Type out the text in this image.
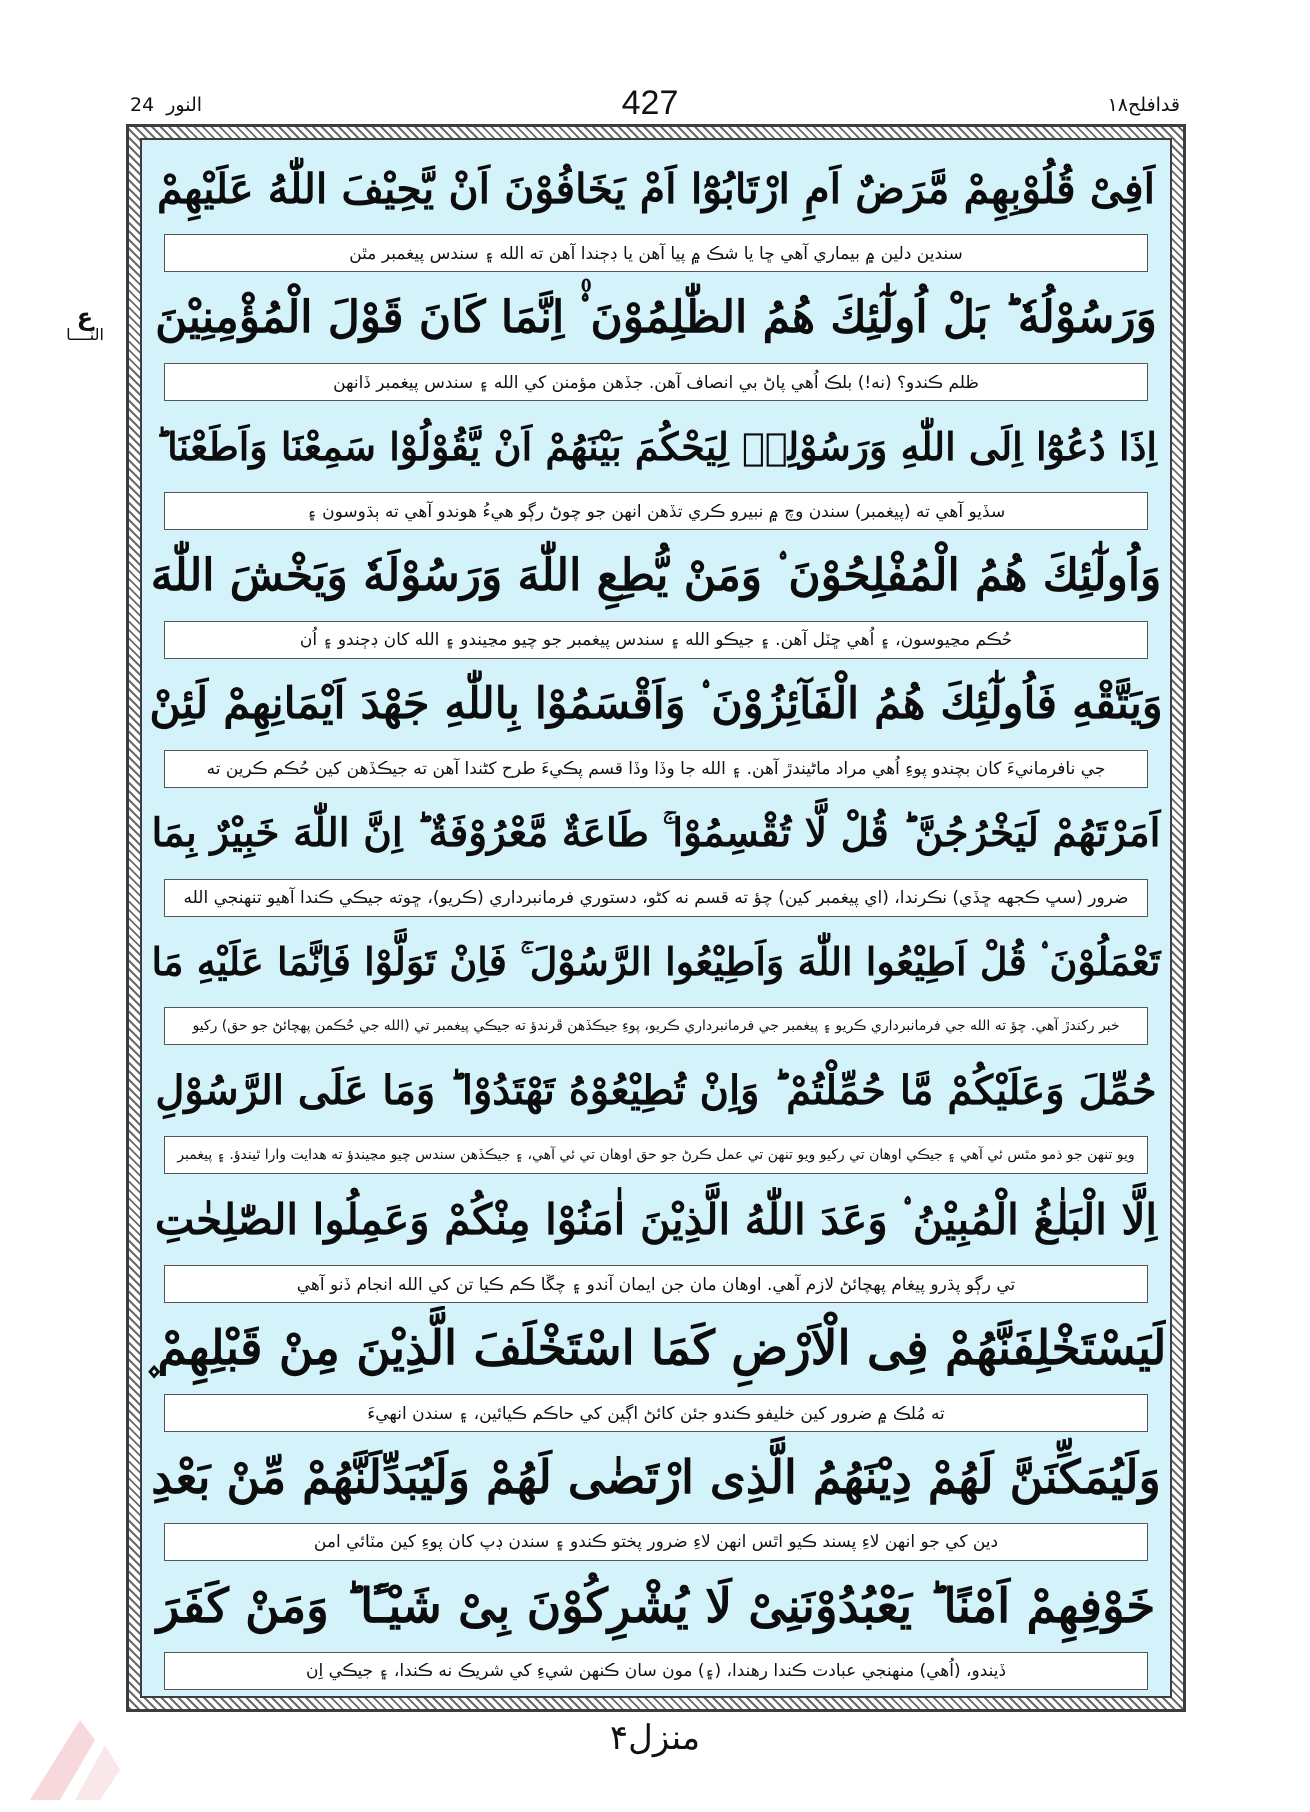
النور 24	427	قدافلح١٨
ع
النّــــا
اَفِیْ قُلُوْبِهِمْ مَّرَضٌ اَمِ ارْتَابُوْٓا اَمْ یَخَافُوْنَ اَنْ یَّحِیْفَ اللّٰهُ عَلَیْهِمْ
سندين دلين ۾ بيماري آهي ڇا يا شڪ ۾ پيا آهن يا ڊڄندا آهن ته الله ۽ سندس پيغمبر مٿن
وَرَسُوْلُهٗ ؕ بَلْ اُولٰٓئِكَ هُمُ الظّٰلِمُوْنَ ۟۠ اِنَّمَا كَانَ قَوْلَ الْمُؤْمِنِیْنَ
ظلم ڪندو؟ (نه!) بلڪ اُهي پاڻ بي انصاف آهن. جڏهن مؤمنن کي الله ۽ سندس پيغمبر ڏانهن
اِذَا دُعُوْٓا اِلَی اللّٰهِ وَرَسُوْلِهٖ لِیَحْكُمَ بَیْنَهُمْ اَنْ یَّقُوْلُوْا سَمِعْنَا وَاَطَعْنَا ؕ
سڏيو آهي ته (پيغمبر) سندن وچ ۾ نبيرو ڪري تڏهن انهن جو چوڻ رڳو هيءُ هوندو آهي ته ٻڌوسون ۽
وَاُولٰٓئِكَ هُمُ الْمُفْلِحُوْنَ ۟ وَمَنْ یُّطِعِ اللّٰهَ وَرَسُوْلَهٗ وَیَخْشَ اللّٰهَ
حُڪم مڃيوسون، ۽ اُهي ڇٽل آهن. ۽ جيڪو الله ۽ سندس پيغمبر جو چيو مڃيندو ۽ الله کان ڊڄندو ۽ اُن
وَیَتَّقْهِ فَاُولٰٓئِكَ هُمُ الْفَآئِزُوْنَ ۟ وَاَقْسَمُوْا بِاللّٰهِ جَهْدَ اَیْمَانِهِمْ لَئِنْ
جي نافرمانيءَ کان بچندو پوءِ اُهي مراد ماڻيندڙ آهن. ۽ الله جا وڏا وڏا قسم پڪيءَ طرح کڻندا آهن ته جيڪڏهن کين حُڪم ڪرين ته
اَمَرْتَهُمْ لَیَخْرُجُنَّ ؕ قُلْ لَّا تُقْسِمُوْا ۚ طَاعَةٌ مَّعْرُوْفَةٌ ؕ اِنَّ اللّٰهَ خَبِیْرٌ بِمَا
ضرور (سڀ ڪجهه ڇڏي) نڪرندا، (اي پيغمبر کين) چؤ ته قسم نه کڻو، دستوري فرمانبرداري (ڪريو)، ڇوته جيڪي ڪندا آهيو تنهنجي الله
تَعْمَلُوْنَ ۟ قُلْ اَطِیْعُوا اللّٰهَ وَاَطِیْعُوا الرَّسُوْلَ ۚ فَاِنْ تَوَلَّوْا فَاِنَّمَا عَلَیْهِ مَا
خبر رکندڙ آهي. چؤ ته الله جي فرمانبرداري ڪريو ۽ پيغمبر جي فرمانبرداري ڪريو، پوءِ جيڪڏهن ڦرندؤ ته جيڪي پيغمبر تي (الله جي حُڪمن پهچائڻ جو حق) رکيو
حُمِّلَ وَعَلَیْكُمْ مَّا حُمِّلْتُمْ ؕ وَاِنْ تُطِیْعُوْهُ تَهْتَدُوْا ؕ وَمَا عَلَی الرَّسُوْلِ
ويو تنهن جو ذمو مٿس ئي آهي ۽ جيڪي اوهان تي رکيو ويو تنهن تي عمل ڪرڻ جو حق اوهان تي ئي آهي، ۽ جيڪڏهن سندس چيو مڃيندؤ ته هدايت وارا ٿيندؤ. ۽ پيغمبر
اِلَّا الْبَلٰغُ الْمُبِیْنُ ۟ وَعَدَ اللّٰهُ الَّذِیْنَ اٰمَنُوْا مِنْكُمْ وَعَمِلُوا الصّٰلِحٰتِ
تي رڳو پڌرو پيغام پهچائڻ لازم آهي. اوهان مان جن ايمان آندو ۽ چڱا ڪم ڪيا تن کي الله انجام ڏنو آهي
لَیَسْتَخْلِفَنَّهُمْ فِی الْاَرْضِ كَمَا اسْتَخْلَفَ الَّذِیْنَ مِنْ قَبْلِهِمْ ۪
ته مُلڪ ۾ ضرور کين خليفو ڪندو جئن کائڻ اڳين کي حاڪم ڪيائين، ۽ سندن انهيءَ
وَلَیُمَكِّنَنَّ لَهُمْ دِیْنَهُمُ الَّذِی ارْتَضٰی لَهُمْ وَلَیُبَدِّلَنَّهُمْ مِّنْ بَعْدِ
دين کي جو انهن لاءِ پسند ڪيو اٿس انهن لاءِ ضرور پختو ڪندو ۽ سندن ڊپ کان پوءِ کين مٽائي امن
خَوْفِهِمْ اَمْنًا ؕ یَعْبُدُوْنَنِیْ لَا یُشْرِكُوْنَ بِیْ شَیْـًٔا ؕ وَمَنْ كَفَرَ
ڏيندو، (اُهي) منهنجي عبادت ڪندا رهندا، (۽) مون سان ڪنهن شيءِ کي شريڪ نه ڪندا، ۽ جيڪي اِن
منزل۴
